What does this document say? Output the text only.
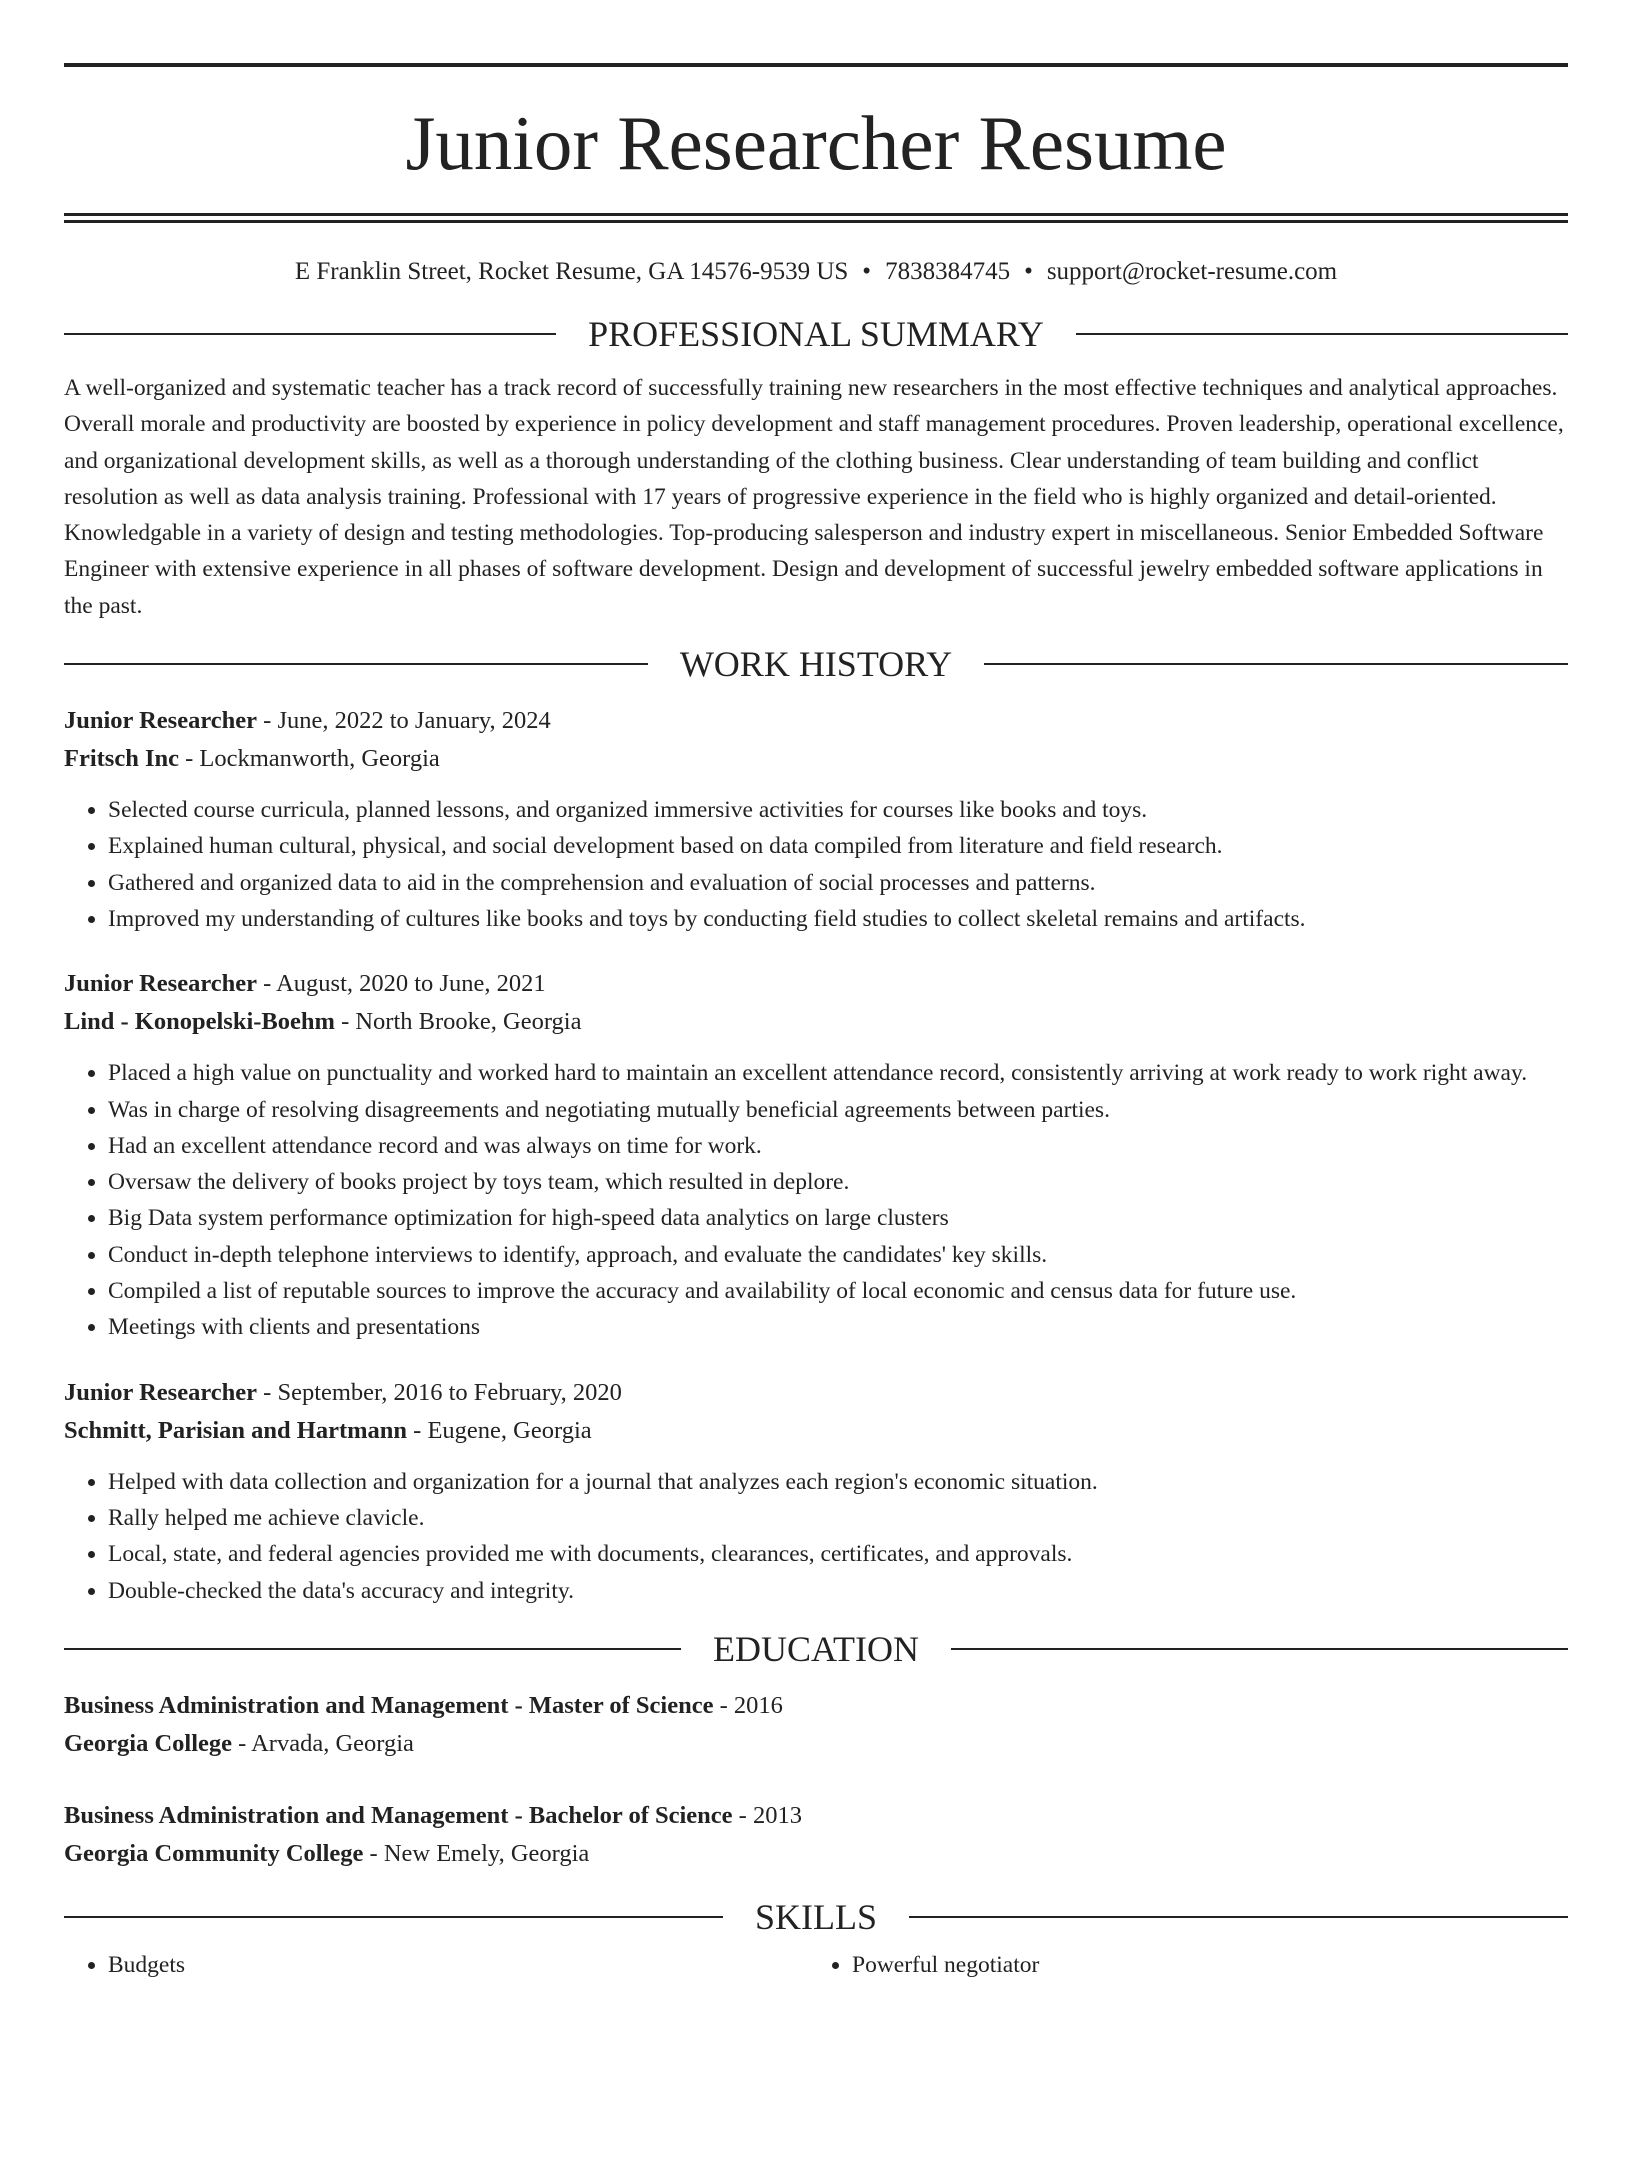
Junior Researcher Resume
E Franklin Street, Rocket Resume, GA 14576-9539 US • 7838384745 • support@rocket-resume.com
PROFESSIONAL SUMMARY

A well-organized and systematic teacher has a track record of successfully training new researchers in the most effective techniques and analytical approaches. Overall morale and productivity are boosted by experience in policy development and staff management procedures. Proven leadership, operational excellence, and organizational development skills, as well as a thorough understanding of the clothing business. Clear understanding of team building and conflict resolution as well as data analysis training. Professional with 17 years of progressive experience in the field who is highly organized and detail-oriented. Knowledgable in a variety of design and testing methodologies. Top-producing salesperson and industry expert in miscellaneous. Senior Embedded Software Engineer with extensive experience in all phases of software development. Design and development of successful jewelry embedded software applications in the past.

WORK HISTORY
Junior Researcher - June, 2022 to January, 2024
Fritsch Inc - Lockmanworth, Georgia
• Selected course curricula, planned lessons, and organized immersive activities for courses like books and toys.
• Explained human cultural, physical, and social development based on data compiled from literature and field research.
• Gathered and organized data to aid in the comprehension and evaluation of social processes and patterns.
• Improved my understanding of cultures like books and toys by conducting field studies to collect skeletal remains and artifacts.
Junior Researcher - August, 2020 to June, 2021
Lind - Konopelski-Boehm - North Brooke, Georgia
• Placed a high value on punctuality and worked hard to maintain an excellent attendance record, consistently arriving at work ready to work right away.
• Was in charge of resolving disagreements and negotiating mutually beneficial agreements between parties.
• Had an excellent attendance record and was always on time for work.
• Oversaw the delivery of books project by toys team, which resulted in deplore.
• Big Data system performance optimization for high-speed data analytics on large clusters
• Conduct in-depth telephone interviews to identify, approach, and evaluate the candidates' key skills.
• Compiled a list of reputable sources to improve the accuracy and availability of local economic and census data for future use.
• Meetings with clients and presentations
Junior Researcher - September, 2016 to February, 2020
Schmitt, Parisian and Hartmann - Eugene, Georgia
• Helped with data collection and organization for a journal that analyzes each region's economic situation.
• Rally helped me achieve clavicle.
• Local, state, and federal agencies provided me with documents, clearances, certificates, and approvals.
• Double-checked the data's accuracy and integrity.
EDUCATION
Business Administration and Management - Master of Science - 2016
Georgia College - Arvada, Georgia
Business Administration and Management - Bachelor of Science - 2013
Georgia Community College - New Emely, Georgia
SKILLS
• Budgets
•	Powerful negotiator
